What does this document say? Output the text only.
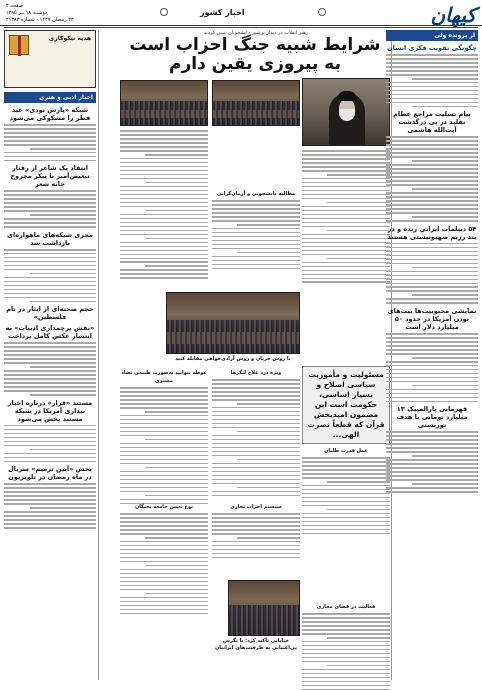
کیهان
اخبار کشور
صفحه ۲
دوشنبه ۱۸ تیر ۱۳۹۵
۲۳ رمضان ۱۴۳۷ - شماره ۲۱۳۸۳
رهبر انقلاب در دیدار پرشور دانشجویان تبیین کردند
شرایط شبیه جنگ احزاب است
به پیروزی یقین دارم
مطالبه دانشجویی و آرمان‌گرایی
با روش جریان و روش آزادی‌خواهی مقابله کنید
غوطه نتوانید به‌صورت طبیعی تضاد مشتری
ویژه درد علاج لنگرها	مسئولیت و مأموریت سیاسی اصلاح و بسیار اساسی، حکومت است این مضمون امیدبخش قرآن که قطعاً نصرت الهی...
عمل قدرت طلبان
نوع تعیین جامعه نخبگان	سیستم احزاب تجاری
خیابانی تأکید کرد: با نگرش بی‌اعتنایی به ظرفیت‌های ایرانیان
فعالیت در فضای مجازی
از پرونده ولی
چگونگی تقویت فکری انسان
پیام تسلیت مراجع عظام تقلید در پی درگذشت آیت‌الله هاشمی
۵۴ دیپلمات ایرانی زنده و در بند رژیم صهیونیستی هستند
نمایشی محبوبیت‌ها بیت‌های بودن آمریکا در حدود ۵۰ میلیارد دلار است
قهرمانی پارالمپیک ۱۳ میلیارد تومانی با هدف توریستی
هدیه نیکوکاری
اخبار ادبی و هنری
شبکه «پارس نودی» عید فطر را مشکوکی می‌شود
انتقاد یک شاعر از رفتار تبعیض‌آمیز با پیکر مجروح خانه شعر
مجری شبکه‌های ماهواره‌ای بازداشت شد
حجم صحنه‌ای از ایثار در نام فلسطین»
«نقش پرچمداری ادبیات» به انتشار عکس کامل پرداخت
مستند «قرار» درباره اخبار بیداری آمریکا در شبکه مستند بخش می‌شود
پخش «آیین ترمیم» سریال در ماه رمضان در تلویزیون
